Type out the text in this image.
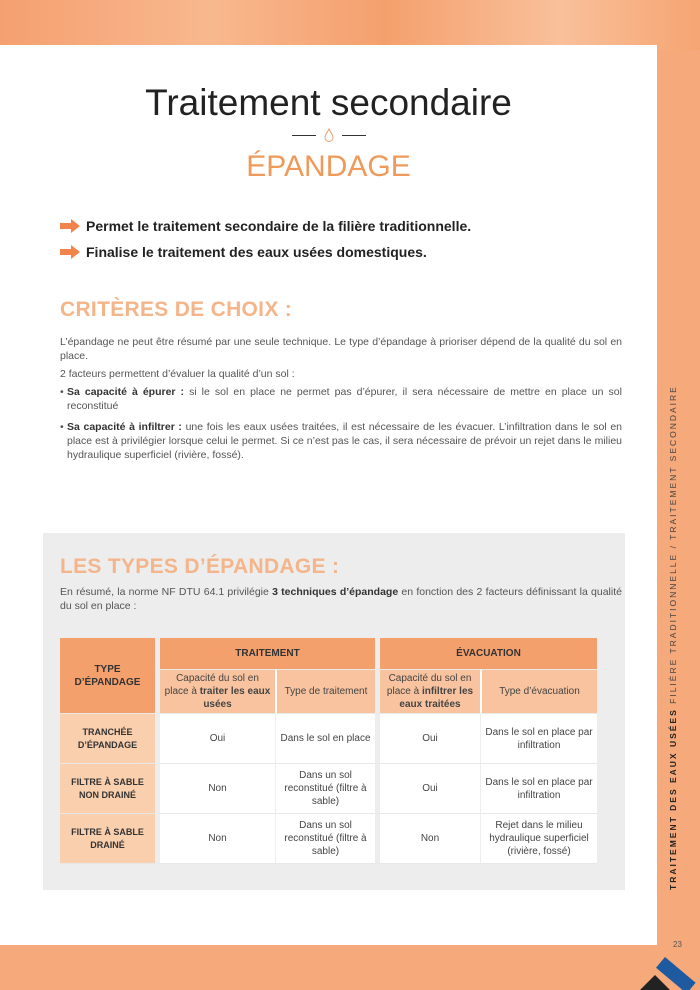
Traitement secondaire
ÉPANDAGE
Permet le traitement secondaire de la filière traditionnelle.
Finalise le traitement des eaux usées domestiques.
CRITÈRES DE CHOIX :
L’épandage ne peut être résumé par une seule technique. Le type d’épandage à prioriser dépend de la qualité du sol en place.
2 facteurs permettent d’évaluer la qualité d’un sol :
• Sa capacité à épurer : si le sol en place ne permet pas d’épurer, il sera nécessaire de mettre en place un sol reconstitué
• Sa capacité à infiltrer : une fois les eaux usées traitées, il est nécessaire de les évacuer. L’infiltration dans le sol en place est à privilégier lorsque celui le permet. Si ce n’est pas le cas, il sera nécessaire de prévoir un rejet dans le milieu hydraulique superficiel (rivière, fossé).
LES TYPES D’ÉPANDAGE :
En résumé, la norme NF DTU 64.1 privilégie 3 techniques d’épandage en fonction des 2 facteurs définissant la qualité du sol en place :
TYPE D’ÉPANDAGE	TRAITEMENT		ÉVACUATION	
	Capacité du sol en place à traiter les eaux usées	Type de traitement	Capacité du sol en place à infiltrer les eaux traitées	Type d’évacuation
TRANCHÉE D’ÉPANDAGE	Oui	Dans le sol en place	Oui	Dans le sol en place par infiltration
FILTRE À SABLE NON DRAINÉ	Non	Dans un sol reconstitué (filtre à sable)	Oui	Dans le sol en place par infiltration
FILTRE À SABLE DRAINÉ	Non	Dans un sol reconstitué (filtre à sable)	Non	Rejet dans le milieu hydraulique superficiel (rivière, fossé)	TRAITEMENT DES EAUX USÉES FILIÈRE TRADITIONNELLE / TRAITEMENT SECONDAIRE
23
